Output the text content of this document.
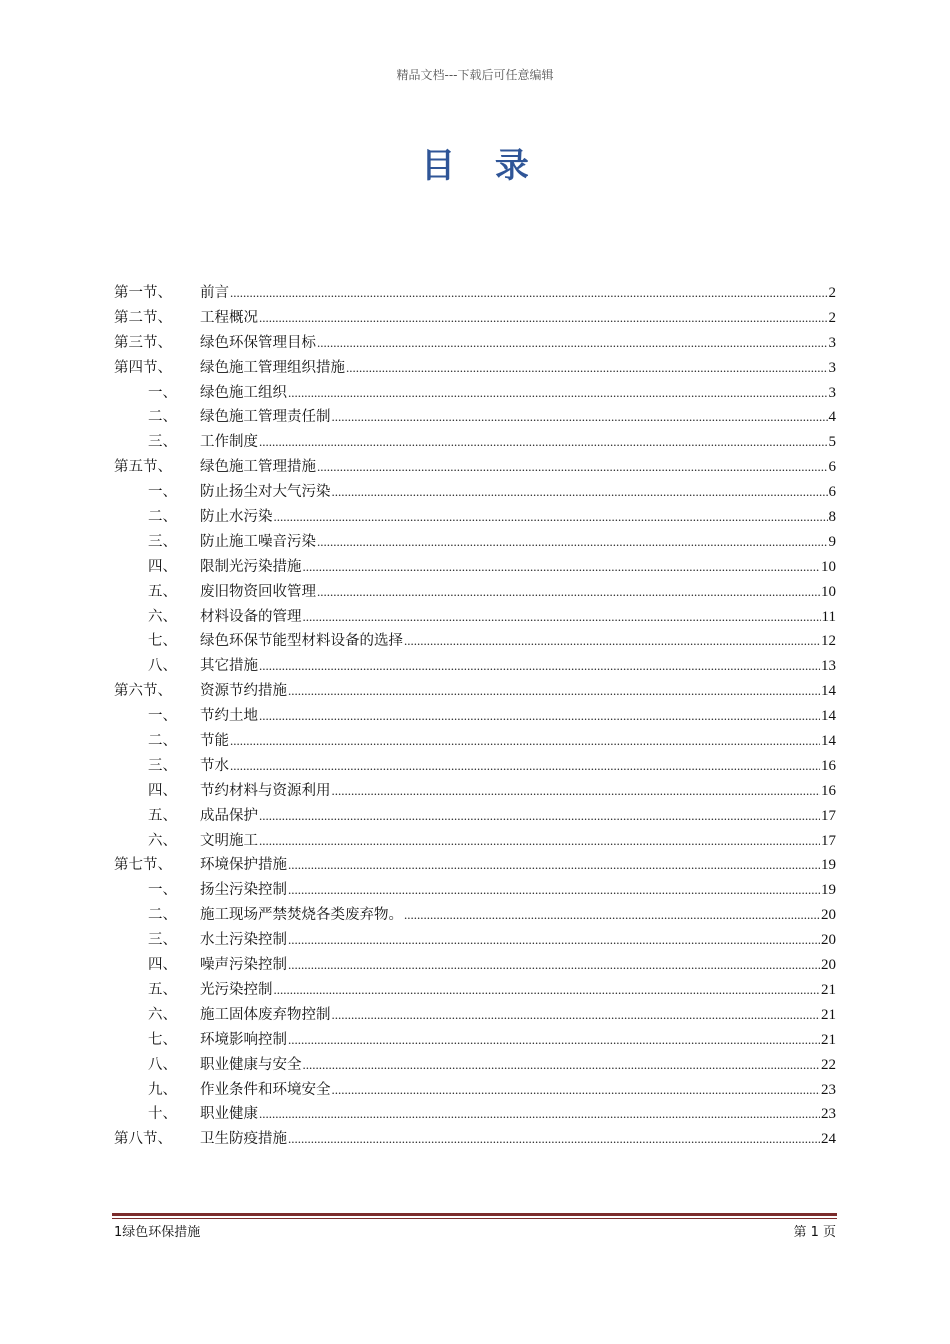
精品文档---下载后可任意编辑
目 录
第一节、	前言 .....	2
第二节、	工程概况 .....	2
第三节、	绿色环保管理目标 .....	3
第四节、	绿色施工管理组织措施 .....	3
一、	绿色施工组织 .....	3
二、	绿色施工管理责任制 .....	4
三、	工作制度 .....	5
第五节、	绿色施工管理措施 .....	6
一、	防止扬尘对大气污染 .....	6
二、	防止水污染 .....	8
三、	防止施工噪音污染 .....	9
四、	限制光污染措施 .....	10
五、	废旧物资回收管理 .....	10
六、	材料设备的管理 .....	11
七、	绿色环保节能型材料设备的选择 .....	12
八、	其它措施 .....	13
第六节、	资源节约措施 .....	14
一、	节约土地 .....	14
二、	节能 .....	14
三、	节水 .....	16
四、	节约材料与资源利用 .....	16
五、	成品保护 .....	17
六、	文明施工 .....	17
第七节、	环境保护措施 .....	19
一、	扬尘污染控制 .....	19
二、	施工现场严禁焚烧各类废弃物。 .....	20
三、	水土污染控制 .....	20
四、	噪声污染控制 .....	20
五、	光污染控制 .....	21
六、	施工固体废弃物控制 .....	21
七、	环境影响控制 .....	21
八、	职业健康与安全 .....	22
九、	作业条件和环境安全 .....	23
十、	职业健康 .....	23
第八节、	卫生防疫措施 .....	24
1绿色环保措施	第 1 页
